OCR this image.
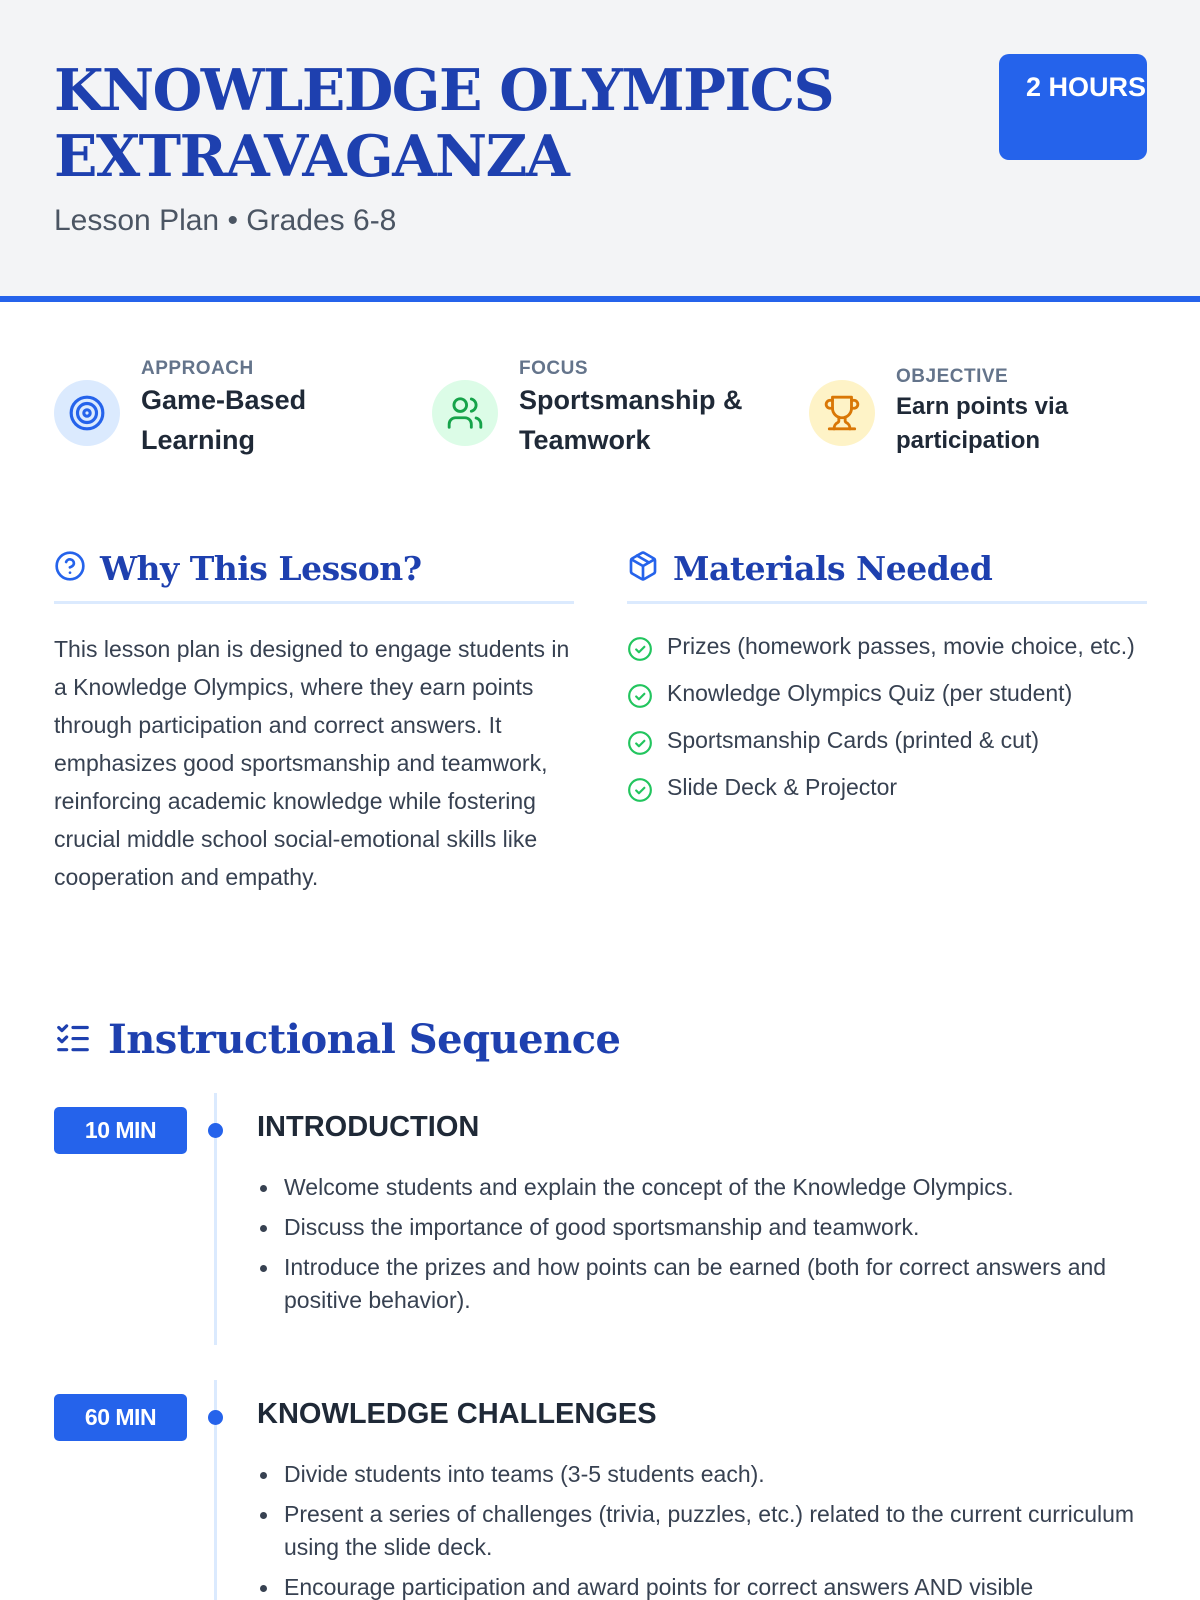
KNOWLEDGE OLYMPICS EXTRAVAGANZA
Lesson Plan • Grades 6-8
2 HOURS
APPROACH
Game-Based Learning
FOCUS
Sportsmanship & Teamwork
OBJECTIVE
Earn points via participation
Why This Lesson?

This lesson plan is designed to engage students in a Knowledge Olympics, where they earn points through participation and correct answers. It emphasizes good sportsmanship and teamwork, reinforcing academic knowledge while fostering crucial middle school social-emotional skills like cooperation and empathy.

Materials Needed
Prizes (homework passes, movie choice, etc.)
Knowledge Olympics Quiz (per student)
Sportsmanship Cards (printed & cut)
Slide Deck & Projector
Instructional Sequence
10 MIN	INTRODUCTION
Welcome students and explain the concept of the Knowledge Olympics.
Discuss the importance of good sportsmanship and teamwork.
Introduce the prizes and how points can be earned (both for correct answers and positive behavior).
60 MIN	KNOWLEDGE CHALLENGES
Divide students into teams (3-5 students each).
Present a series of challenges (trivia, puzzles, etc.) related to the current curriculum using the slide deck.
Encourage participation and award points for correct answers AND visible
